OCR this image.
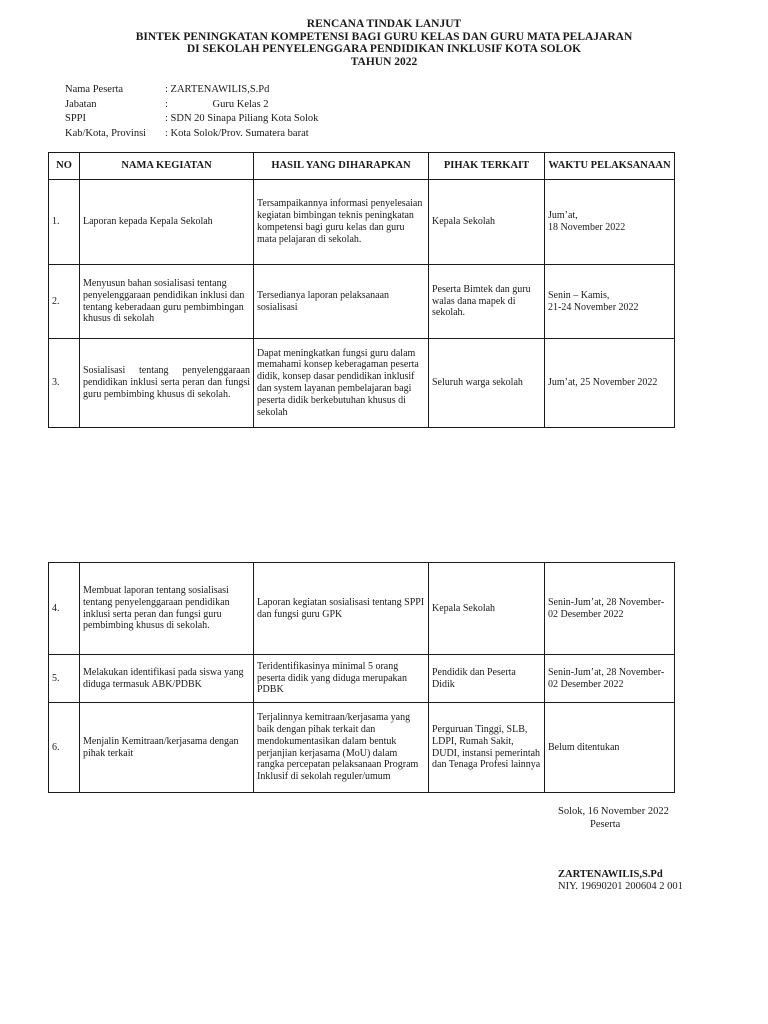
RENCANA TINDAK LANJUT
BINTEK PENINGKATAN KOMPETENSI BAGI GURU KELAS DAN GURU MATA PELAJARAN
DI SEKOLAH PENYELENGGARA PENDIDIKAN INKLUSIF KOTA SOLOK
TAHUN 2022
Nama Peserta	: ZARTENAWILIS,S.Pd
Jabatan	:                 Guru Kelas 2
SPPI	: SDN 20 Sinapa Piliang Kota Solok
Kab/Kota, Provinsi : Kota Solok/Prov. Sumatera barat
NO	NAMA KEGIATAN	HASIL YANG DIHARAPKAN	PIHAK TERKAIT	WAKTU PELAKSANAAN
1.	Laporan kepada Kepala Sekolah	Tersampaikannya informasi penyelesaian kegiatan bimbingan teknis peningkatan kompetensi bagi guru kelas dan guru mata pelajaran di sekolah.	Kepala Sekolah	Jum’at,
18 November 2022
2.	Menyusun bahan sosialisasi tentang penyelenggaraan pendidikan inklusi dan tentang keberadaan guru pembimbingan khusus di sekolah	Tersedianya laporan pelaksanaan sosialisasi	Peserta Bimtek dan guru walas dana mapek di sekolah.	Senin – Kamis,
21-24 November 2022
3.	Sosialisasi tentang penyelenggaraan pendidikan inklusi serta peran dan fungsi guru pembimbing khusus di sekolah.	Dapat meningkatkan fungsi guru dalam memahami konsep keberagaman peserta didik, konsep dasar pendidikan inklusif dan system layanan pembelajaran bagi peserta didik berkebutuhan khusus di sekolah	Seluruh warga sekolah	Jum’at, 25 November 2022
4.	Membuat laporan tentang sosialisasi tentang penyelenggaraan pendidikan inklusi serta peran dan fungsi guru pembimbing khusus di sekolah.	Laporan kegiatan sosialisasi tentang SPPI dan fungsi guru GPK	Kepala Sekolah	Senin-Jum’at, 28 November-02 Desember 2022
5.	Melakukan identifikasi pada siswa yang diduga termasuk ABK/PDBK	Teridentifikasinya minimal 5 orang peserta didik yang diduga merupakan PDBK	Pendidik dan Peserta Didik	Senin-Jum’at, 28 November-02 Desember 2022
6.	Menjalin Kemitraan/kerjasama dengan pihak terkait	Terjalinnya kemitraan/kerjasama yang baik dengan pihak terkait dan mendokumentasikan dalam bentuk perjanjian kerjasama (MoU) dalam rangka percepatan pelaksanaan Program Inklusif di sekolah reguler/umum	Perguruan Tinggi, SLB, LDPI, Rumah Sakit, DUDI, instansi pemerintah dan Tenaga Profesi lainnya	Belum ditentukan
Solok, 16 November 2022
Peserta
ZARTENAWILIS,S.Pd
NIY. 19690201 200604 2 001
